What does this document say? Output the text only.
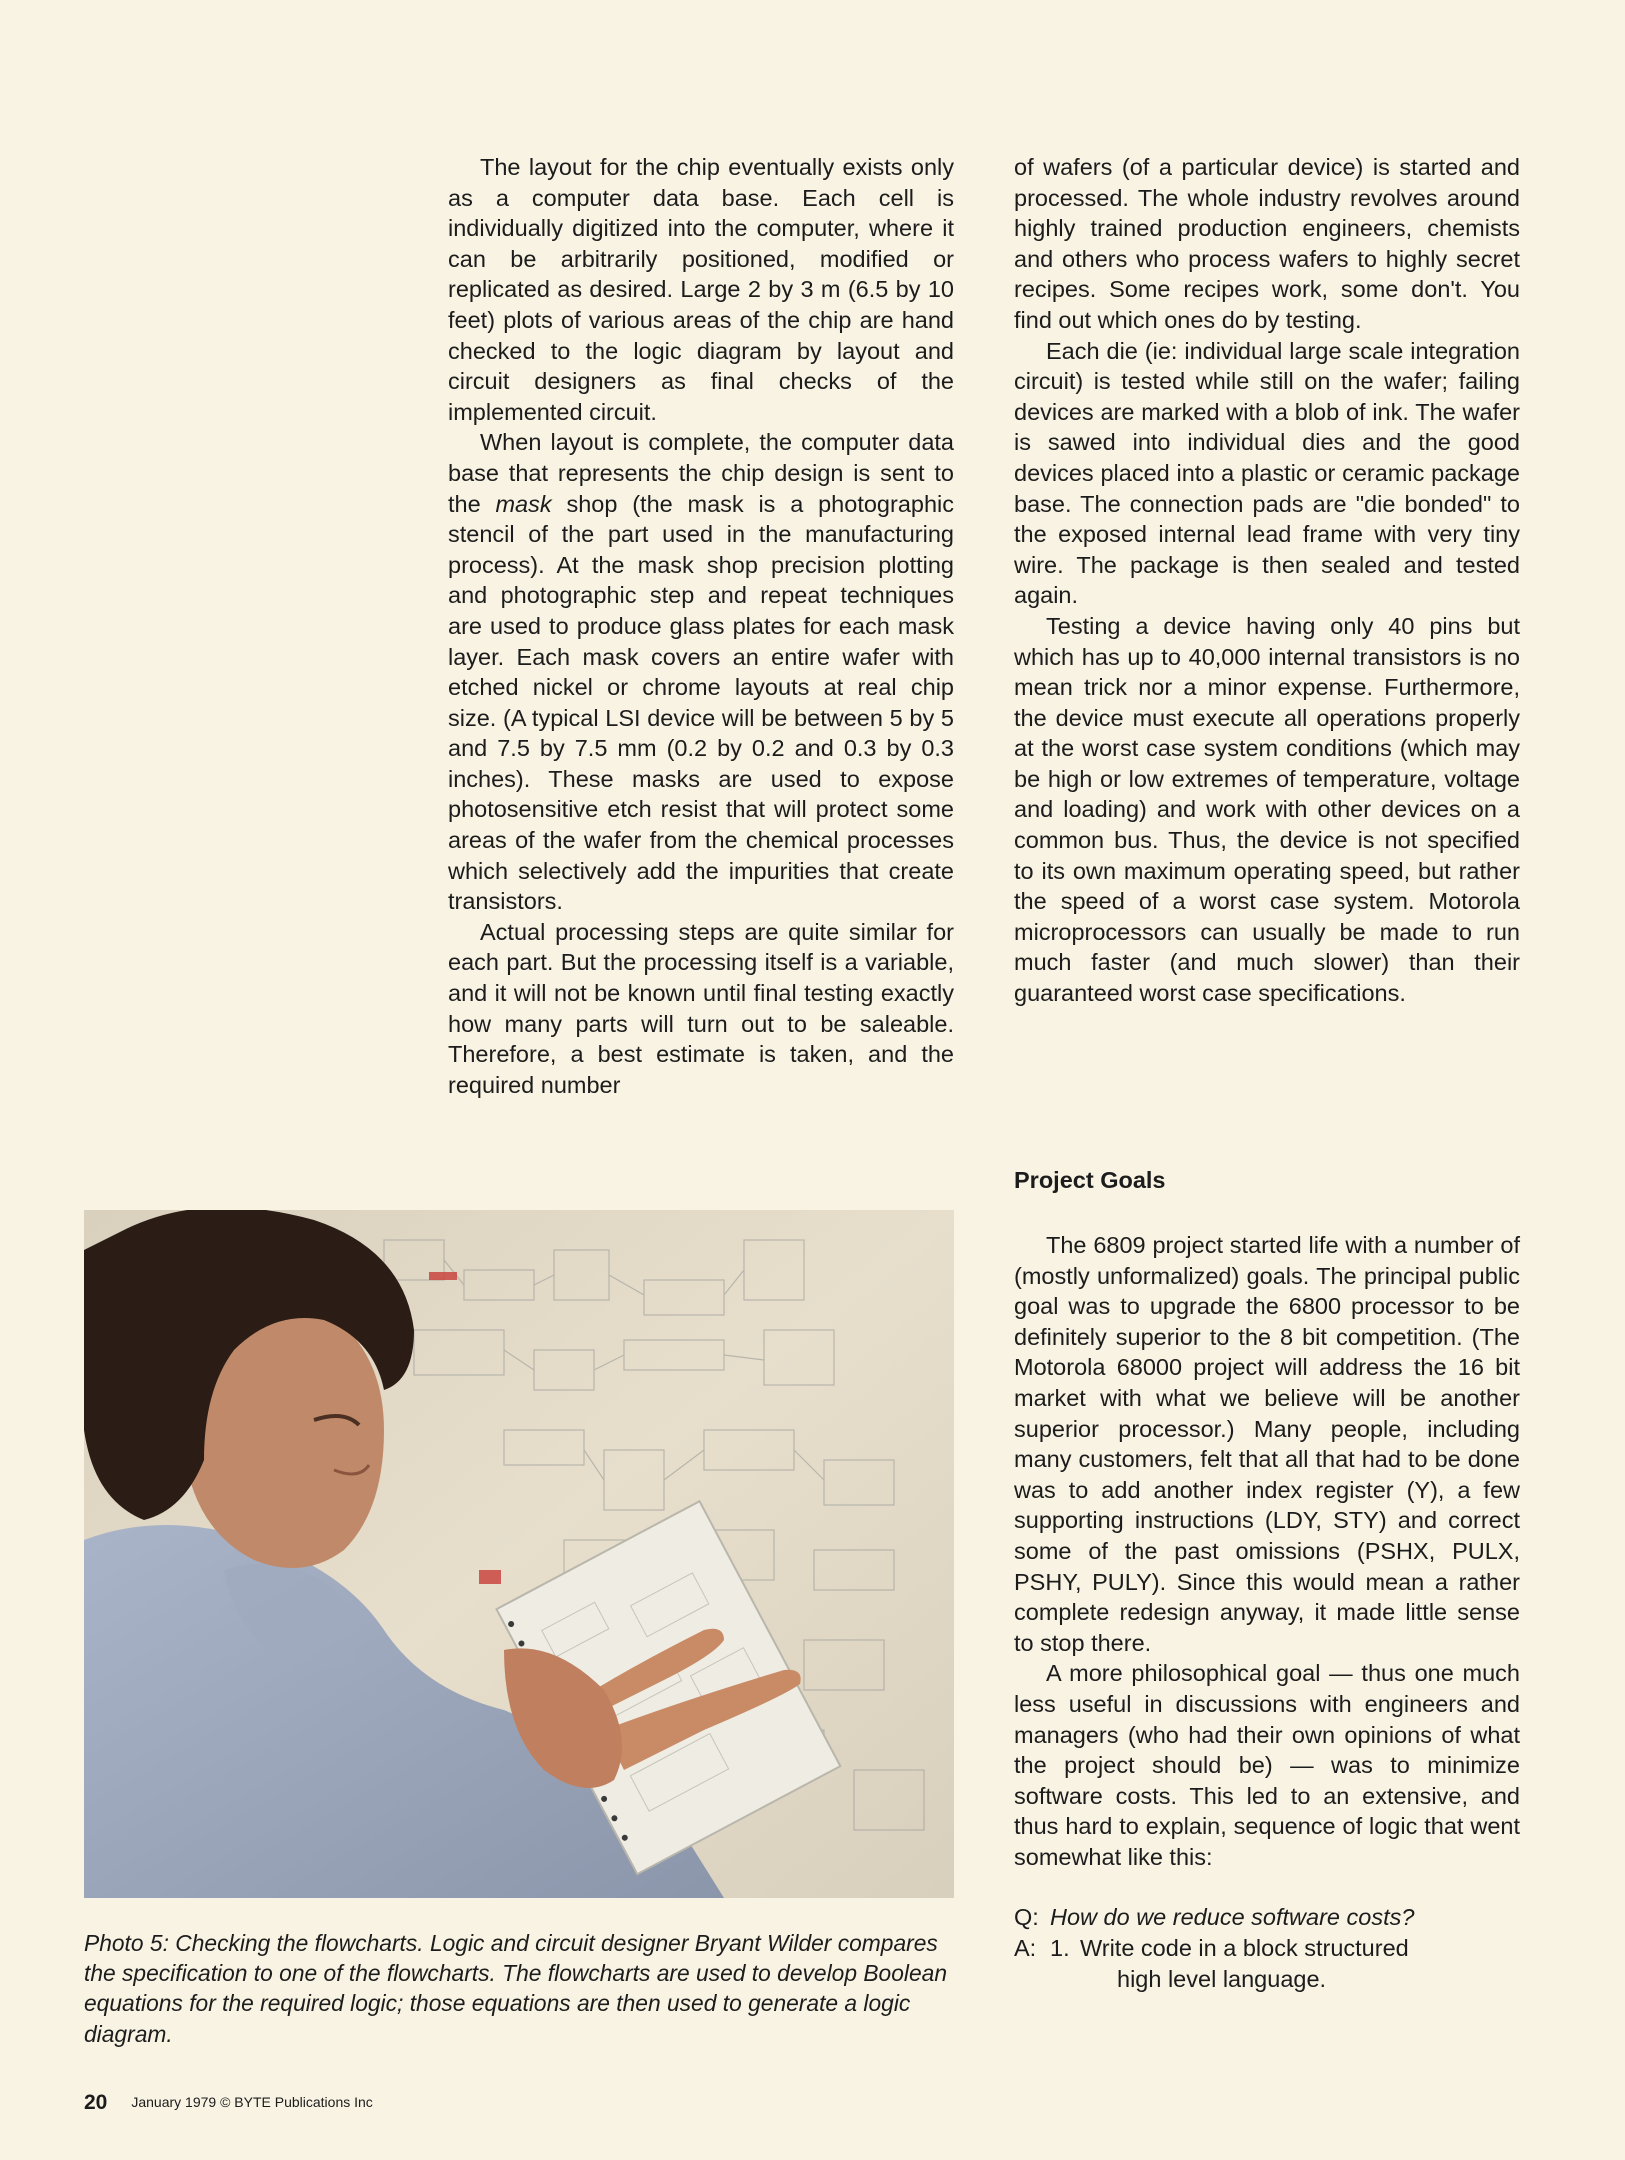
The layout for the chip eventually exists only as a computer data base. Each cell is individually digitized into the computer, where it can be arbitrarily positioned, modified or replicated as desired. Large 2 by 3 m (6.5 by 10 feet) plots of various areas of the chip are hand checked to the logic diagram by layout and circuit designers as final checks of the implemented circuit.

When layout is complete, the computer data base that represents the chip design is sent to the mask shop (the mask is a photographic stencil of the part used in the manufacturing process). At the mask shop precision plotting and photographic step and repeat techniques are used to produce glass plates for each mask layer. Each mask covers an entire wafer with etched nickel or chrome layouts at real chip size. (A typical LSI device will be between 5 by 5 and 7.5 by 7.5 mm (0.2 by 0.2 and 0.3 by 0.3 inches). These masks are used to expose photosensitive etch resist that will protect some areas of the wafer from the chemical processes which selectively add the impurities that create transistors.

Actual processing steps are quite similar for each part. But the processing itself is a variable, and it will not be known until final testing exactly how many parts will turn out to be saleable. Therefore, a best estimate is taken, and the required number

of wafers (of a particular device) is started and processed. The whole industry revolves around highly trained production engineers, chemists and others who process wafers to highly secret recipes. Some recipes work, some don't. You find out which ones do by testing.

Each die (ie: individual large scale integration circuit) is tested while still on the wafer; failing devices are marked with a blob of ink. The wafer is sawed into individual dies and the good devices placed into a plastic or ceramic package base. The connection pads are "die bonded" to the exposed internal lead frame with very tiny wire. The package is then sealed and tested again.

Testing a device having only 40 pins but which has up to 40,000 internal transistors is no mean trick nor a minor expense. Furthermore, the device must execute all operations properly at the worst case system conditions (which may be high or low extremes of temperature, voltage and loading) and work with other devices on a common bus. Thus, the device is not specified to its own maximum operating speed, but rather the speed of a worst case system. Motorola microprocessors can usually be made to run much faster (and much slower) than their guaranteed worst case specifications.

Project Goals

The 6809 project started life with a number of (mostly unformalized) goals. The principal public goal was to upgrade the 6800 processor to be definitely superior to the 8 bit competition. (The Motorola 68000 project will address the 16 bit market with what we believe will be another superior processor.) Many people, including many customers, felt that all that had to be done was to add another index register (Y), a few supporting instructions (LDY, STY) and correct some of the past omissions (PSHX, PULX, PSHY, PULY). Since this would mean a rather complete redesign anyway, it made little sense to stop there.

A more philosophical goal — thus one much less useful in discussions with engineers and managers (who had their own opinions of what the project should be) — was to minimize software costs. This led to an extensive, and thus hard to explain, sequence of logic that went somewhat like this:

Q: How do we reduce software costs?
A: 1. Write code in a block structured
high level language.
Photo 5: Checking the flowcharts. Logic and circuit designer Bryant Wilder compares the specification to one of the flowcharts. The flowcharts are used to develop Boolean equations for the required logic; those equations are then used to generate a logic diagram.
20 January 1979 © BYTE Publications Inc
